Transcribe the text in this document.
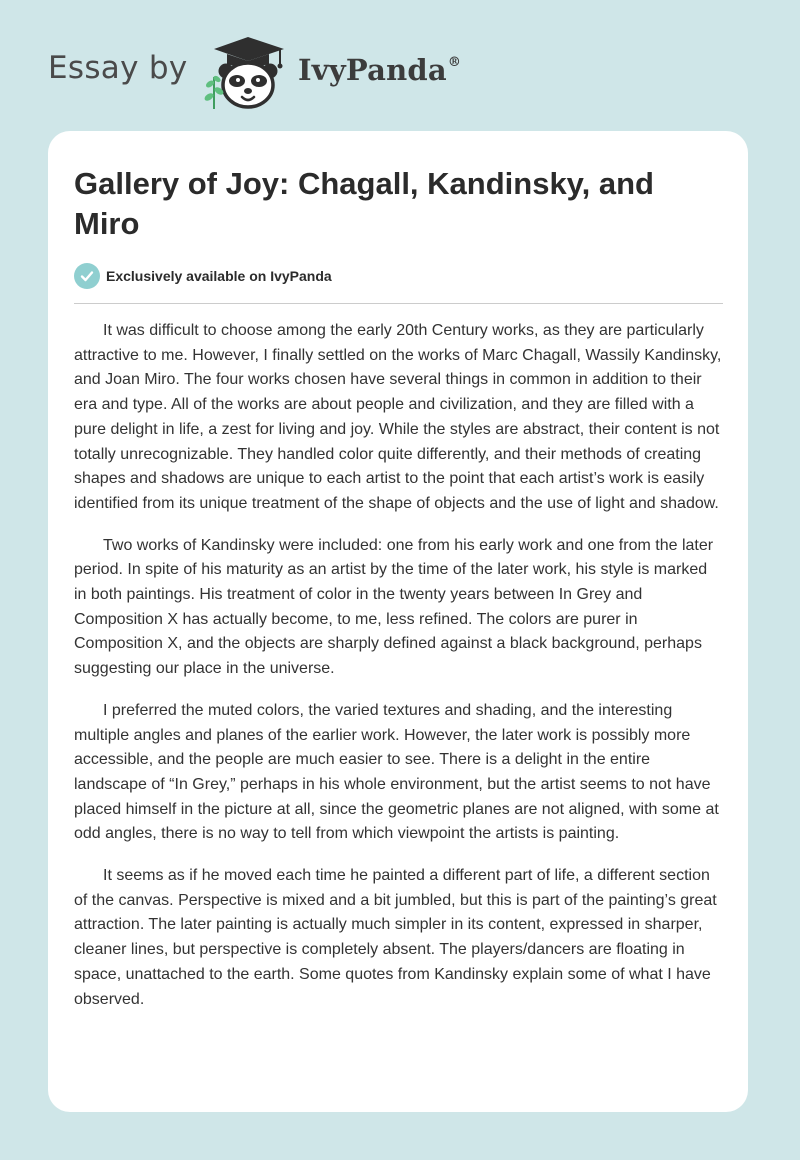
Essay by	IvyPanda®
Gallery of Joy: Chagall, Kandinsky, and Miro
Exclusively available on IvyPanda

It was difficult to choose among the early 20th Century works, as they are particularly attractive to me. However, I finally settled on the works of Marc Chagall, Wassily Kandinsky, and Joan Miro. The four works chosen have several things in common in addition to their era and type. All of the works are about people and civilization, and they are filled with a pure delight in life, a zest for living and joy. While the styles are abstract, their content is not totally unrecognizable. They handled color quite differently, and their methods of creating shapes and shadows are unique to each artist to the point that each artist’s work is easily identified from its unique treatment of the shape of objects and the use of light and shadow.

Two works of Kandinsky were included: one from his early work and one from the later period. In spite of his maturity as an artist by the time of the later work, his style is marked in both paintings. His treatment of color in the twenty years between In Grey and Composition X has actually become, to me, less refined. The colors are purer in Composition X, and the objects are sharply defined against a black background, perhaps suggesting our place in the universe.

I preferred the muted colors, the varied textures and shading, and the interesting multiple angles and planes of the earlier work. However, the later work is possibly more accessible, and the people are much easier to see. There is a delight in the entire landscape of “In Grey,” perhaps in his whole environment, but the artist seems to not have placed himself in the picture at all, since the geometric planes are not aligned, with some at odd angles, there is no way to tell from which viewpoint the artists is painting.

It seems as if he moved each time he painted a different part of life, a different section of the canvas. Perspective is mixed and a bit jumbled, but this is part of the painting’s great attraction. The later painting is actually much simpler in its content, expressed in sharper, cleaner lines, but perspective is completely absent. The players/dancers are floating in space, unattached to the earth. Some quotes from Kandinsky explain some of what I have observed.
